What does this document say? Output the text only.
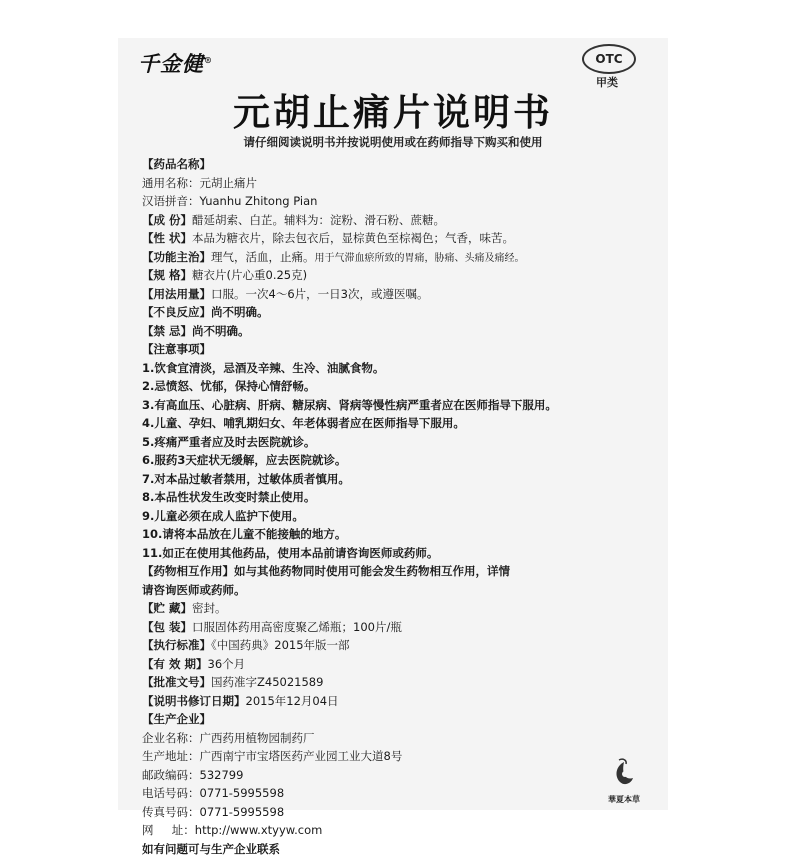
千金健®	OTC
甲类
元胡止痛片说明书
请仔细阅读说明书并按说明使用或在药师指导下购买和使用
【药品名称】
通用名称：元胡止痛片
汉语拼音：Yuanhu Zhitong Pian
【成 份】醋延胡索、白芷。辅料为：淀粉、滑石粉、蔗糖。
【性 状】本品为糖衣片，除去包衣后，显棕黄色至棕褐色；气香，味苦。
【功能主治】理气，活血，止痛。用于气滞血瘀所致的胃痛，胁痛、头痛及痛经。
【规 格】糖衣片(片心重0.25克)
【用法用量】口服。一次4～6片，一日3次，或遵医嘱。
【不良反应】尚不明确。
【禁 忌】尚不明确。
【注意事项】
1.饮食宜清淡，忌酒及辛辣、生冷、油腻食物。
2.忌愤怒、忧郁，保持心情舒畅。
3.有高血压、心脏病、肝病、糖尿病、肾病等慢性病严重者应在医师指导下服用。
4.儿童、孕妇、哺乳期妇女、年老体弱者应在医师指导下服用。
5.疼痛严重者应及时去医院就诊。
6.服药3天症状无缓解，应去医院就诊。
7.对本品过敏者禁用，过敏体质者慎用。
8.本品性状发生改变时禁止使用。
9.儿童必须在成人监护下使用。
10.请将本品放在儿童不能接触的地方。
11.如正在使用其他药品，使用本品前请咨询医师或药师。
【药物相互作用】如与其他药物同时使用可能会发生药物相互作用，详情
请咨询医师或药师。
【贮 藏】密封。
【包 装】口服固体药用高密度聚乙烯瓶；100片/瓶
【执行标准】《中国药典》2015年版一部
【有 效 期】36个月
【批准文号】国药准字Z45021589
【说明书修订日期】2015年12月04日
【生产企业】
企业名称：广西药用植物园制药厂
生产地址：广西南宁市宝塔医药产业园工业大道8号
邮政编码：532799
电话号码：0771-5995598
传真号码：0771-5995598
网 址：http://www.xtyyw.com
如有问题可与生产企业联系
華夏本草
